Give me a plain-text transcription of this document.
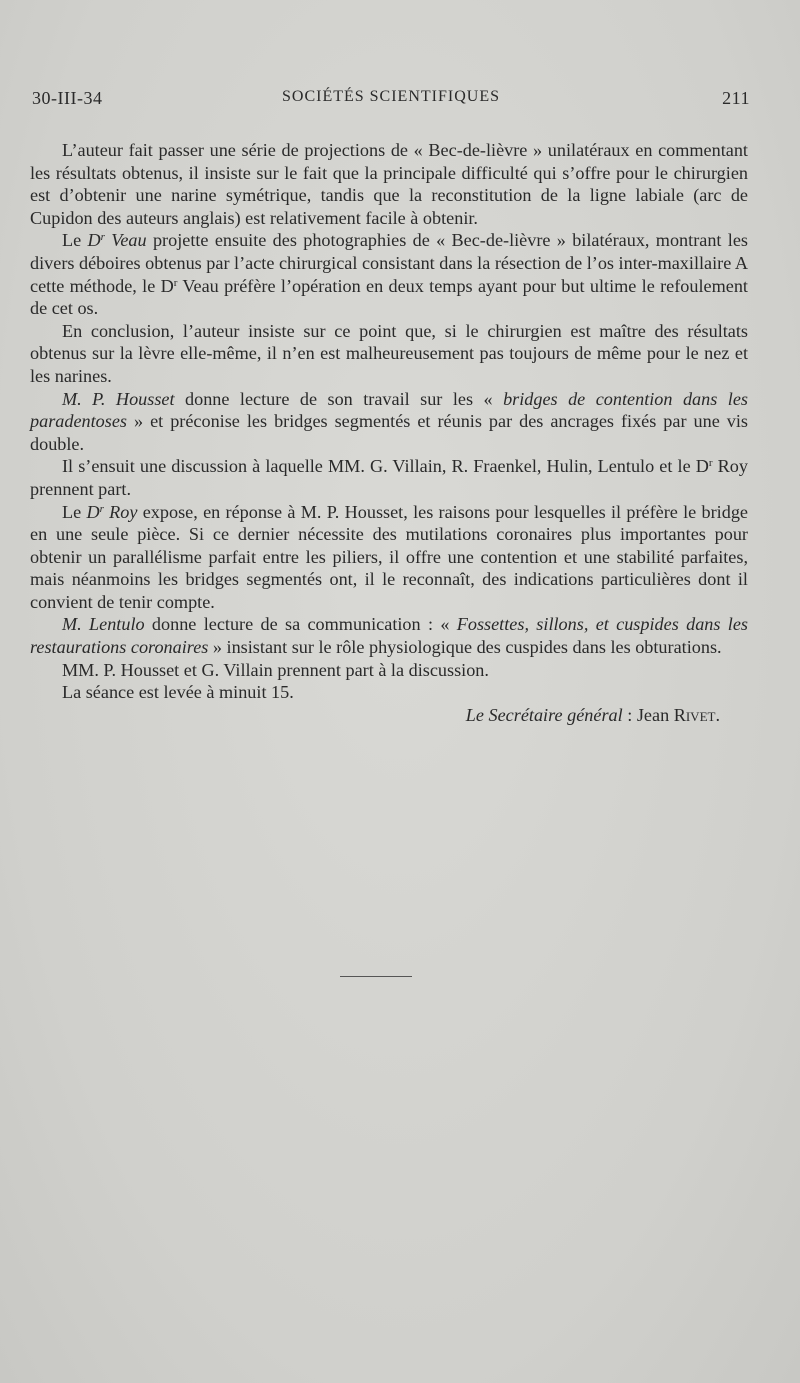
30-III-34	SOCIÉTÉS SCIENTIFIQUES	211

L’auteur fait passer une série de projections de « Bec-de-lièvre » unilatéraux en commentant les résultats obtenus, il insiste sur le fait que la principale difficulté qui s’offre pour le chirurgien est d’obtenir une narine symétrique, tandis que la reconstitution de la ligne labiale (arc de Cupidon des auteurs anglais) est relativement facile à obtenir.

Le $D^r$ Veau projette ensuite des photographies de « Bec-de-lièvre » bilatéraux, montrant les divers déboires obtenus par l’acte chirurgical consistant dans la résection de l’os inter-maxillaire A cette méthode, le $D^r$ Veau préfère l’opération en deux temps ayant pour but ultime le refoulement de cet os.

En conclusion, l’auteur insiste sur ce point que, si le chirurgien est maître des résultats obtenus sur la lèvre elle-même, il n’en est malheureusement pas toujours de même pour le nez et les narines.

M. P. Housset donne lecture de son travail sur les « bridges de contention dans les paradentoses » et préconise les bridges segmentés et réunis par des ancrages fixés par une vis double.

Il s’ensuit une discussion à laquelle MM. G. Villain, R. Fraenkel, Hulin, Lentulo et le $D^r$ Roy prennent part.

Le $D^r$ Roy expose, en réponse à M. P. Housset, les raisons pour lesquelles il préfère le bridge en une seule pièce. Si ce dernier nécessite des mutilations coronaires plus importantes pour obtenir un parallélisme parfait entre les piliers, il offre une contention et une stabilité parfaites, mais néanmoins les bridges segmentés ont, il le reconnaît, des indications particulières dont il convient de tenir compte.

M. Lentulo donne lecture de sa communication : « Fossettes, sillons, et cuspides dans les restaurations coronaires » insistant sur le rôle physiologique des cuspides dans les obturations.

MM. P. Housset et G. Villain prennent part à la discussion.

La séance est levée à minuit 15.

Le Secrétaire général : Jean Rivet.
